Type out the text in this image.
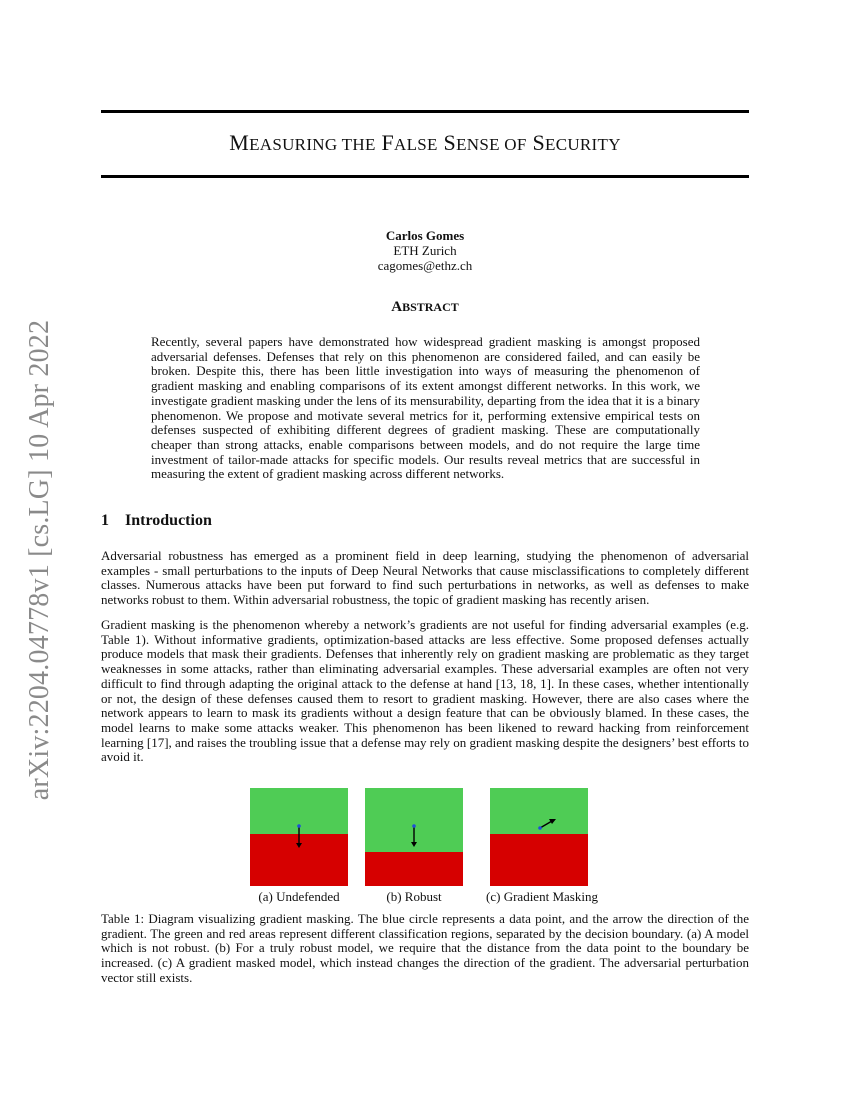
arXiv:2204.04778v1 [cs.LG] 10 Apr 2022
MEASURING THE FALSE SENSE OF SECURITY
Carlos Gomes
ETH Zurich
cagomes@ethz.ch
ABSTRACT

Recently, several papers have demonstrated how widespread gradient masking is amongst proposed adversarial defenses. Defenses that rely on this phenomenon are considered failed, and can easily be broken. Despite this, there has been little investigation into ways of measuring the phenomenon of gradient masking and enabling comparisons of its extent amongst different networks. In this work, we investigate gradient masking under the lens of its mensurability, departing from the idea that it is a binary phenomenon. We propose and motivate several metrics for it, performing extensive empirical tests on defenses suspected of exhibiting different degrees of gradient masking. These are computationally cheaper than strong attacks, enable comparisons between models, and do not require the large time investment of tailor-made attacks for specific models. Our results reveal metrics that are successful in measuring the extent of gradient masking across different networks.

1 Introduction

Adversarial robustness has emerged as a prominent field in deep learning, studying the phenomenon of adversarial examples - small perturbations to the inputs of Deep Neural Networks that cause misclassifications to completely different classes. Numerous attacks have been put forward to find such perturbations in networks, as well as defenses to make networks robust to them. Within adversarial robustness, the topic of gradient masking has recently arisen.

Gradient masking is the phenomenon whereby a network’s gradients are not useful for finding adversarial examples (e.g. Table 1). Without informative gradients, optimization-based attacks are less effective. Some proposed defenses actually produce models that mask their gradients. Defenses that inherently rely on gradient masking are problematic as they target weaknesses in some attacks, rather than eliminating adversarial examples. These adversarial examples are often not very difficult to find through adapting the original attack to the defense at hand [13, 18, 1]. In these cases, whether intentionally or not, the design of these defenses caused them to resort to gradient masking. However, there are also cases where the network appears to learn to mask its gradients without a design feature that can be obviously blamed. In these cases, the model learns to make some attacks weaker. This phenomenon has been likened to reward hacking from reinforcement learning [17], and raises the troubling issue that a defense may rely on gradient masking despite the designers’ best efforts to avoid it.

(a) Undefended	(b) Robust	(c) Gradient Masking

Table 1: Diagram visualizing gradient masking. The blue circle represents a data point, and the arrow the direction of the gradient. The green and red areas represent different classification regions, separated by the decision boundary. (a) A model which is not robust. (b) For a truly robust model, we require that the distance from the data point to the boundary be increased. (c) A gradient masked model, which instead changes the direction of the gradient. The adversarial perturbation vector still exists.
